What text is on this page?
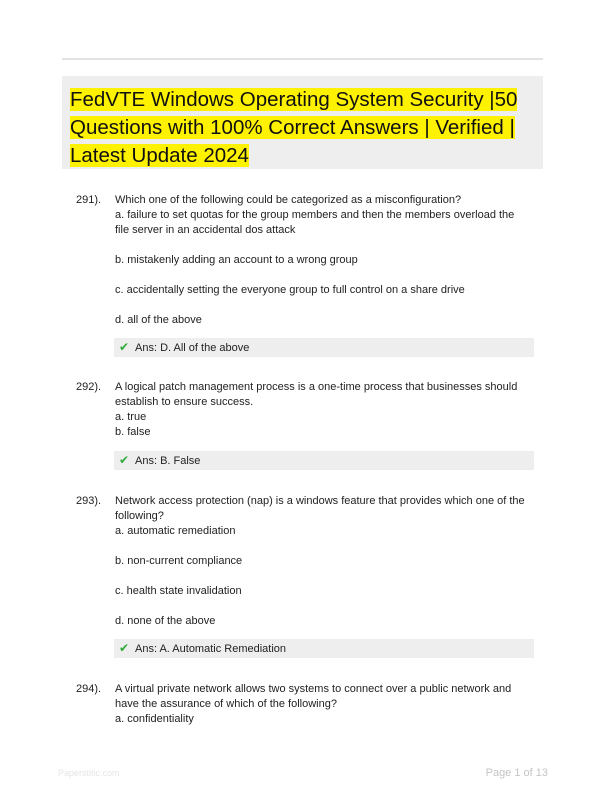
FedVTE Windows Operating System Security |50 Questions with 100% Correct Answers | Verified | Latest Update 2024
291). Which one of the following could be categorized as a misconfiguration?

a. failure to set quotas for the group members and then the members overload the file server in an accidental dos attack

b. mistakenly adding an account to a wrong group

c. accidentally setting the everyone group to full control on a share drive

d. all of the above

✔ Ans: D. All of the above
292). A logical patch management process is a one-time process that businesses should establish to ensure success.

a. true

b. false

✔ Ans: B. False
293). Network access protection (nap) is a windows feature that provides which one of the following?

a. automatic remediation

b. non-current compliance

c. health state invalidation

d. none of the above

✔ Ans: A. Automatic Remediation
294). A virtual private network allows two systems to connect over a public network and have the assurance of which of the following?

a. confidentiality

Paperstitic.com	Page 1 of 13
